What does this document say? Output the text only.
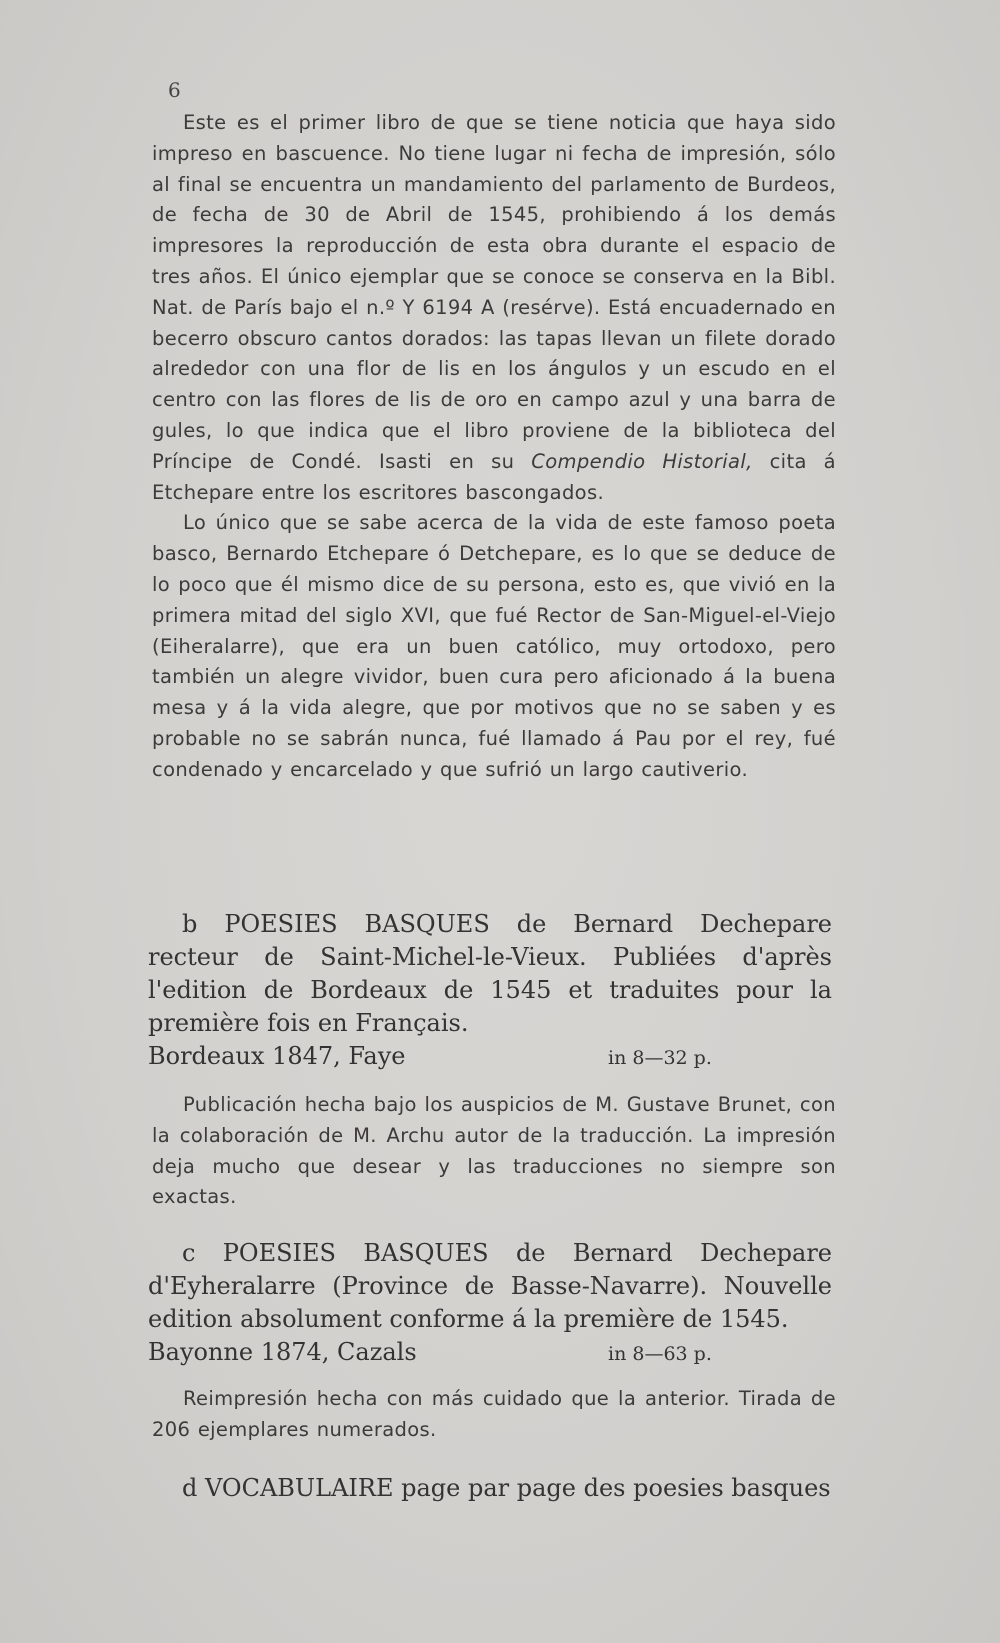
6

Este es el primer libro de que se tiene noticia que haya sido impreso en bascuence. No tiene lugar ni fecha de impresión, sólo al final se encuentra un mandamiento del parlamento de Burdeos, de fecha de 30 de Abril de 1545, prohibiendo á los demás impresores la reproducción de esta obra durante el espacio de tres años. El único ejemplar que se conoce se conserva en la Bibl. Nat. de París bajo el n.º Y 6194 A (resérve). Está encuadernado en becerro obscuro cantos dorados: las tapas llevan un filete dorado alrededor con una flor de lis en los ángulos y un escudo en el centro con las flores de lis de oro en campo azul y una barra de gules, lo que indica que el libro proviene de la biblioteca del Príncipe de Condé. Isasti en su Compendio Historial, cita á Etchepare entre los escritores bascongados.

Lo único que se sabe acerca de la vida de este famoso poeta basco, Bernardo Etchepare ó Detchepare, es lo que se deduce de lo poco que él mismo dice de su persona, esto es, que vivió en la primera mitad del siglo XVI, que fué Rector de San-Miguel-el-Viejo (Eiheralarre), que era un buen católico, muy ortodoxo, pero también un alegre vividor, buen cura pero aficionado á la buena mesa y á la vida alegre, que por motivos que no se saben y es probable no se sabrán nunca, fué llamado á Pau por el rey, fué condenado y encarcelado y que sufrió un largo cautiverio.

b POESIES BASQUES de Bernard Dechepare recteur de Saint-Michel-le-Vieux. Publiées d'après l'edition de Bordeaux de 1545 et traduites pour la première fois en Français.

Bordeaux 1847, Faye	in 8—32 p.

Publicación hecha bajo los auspicios de M. Gustave Brunet, con la colaboración de M. Archu autor de la traducción. La impresión deja mucho que desear y las traducciones no siempre son exactas.

c POESIES BASQUES de Bernard Dechepare d'Eyheralarre (Province de Basse-Navarre). Nouvelle edition absolument conforme á la première de 1545.

Bayonne 1874, Cazals	in 8—63 p.

Reimpresión hecha con más cuidado que la anterior. Tirada de 206 ejemplares numerados.

d VOCABULAIRE page par page des poesies basques
